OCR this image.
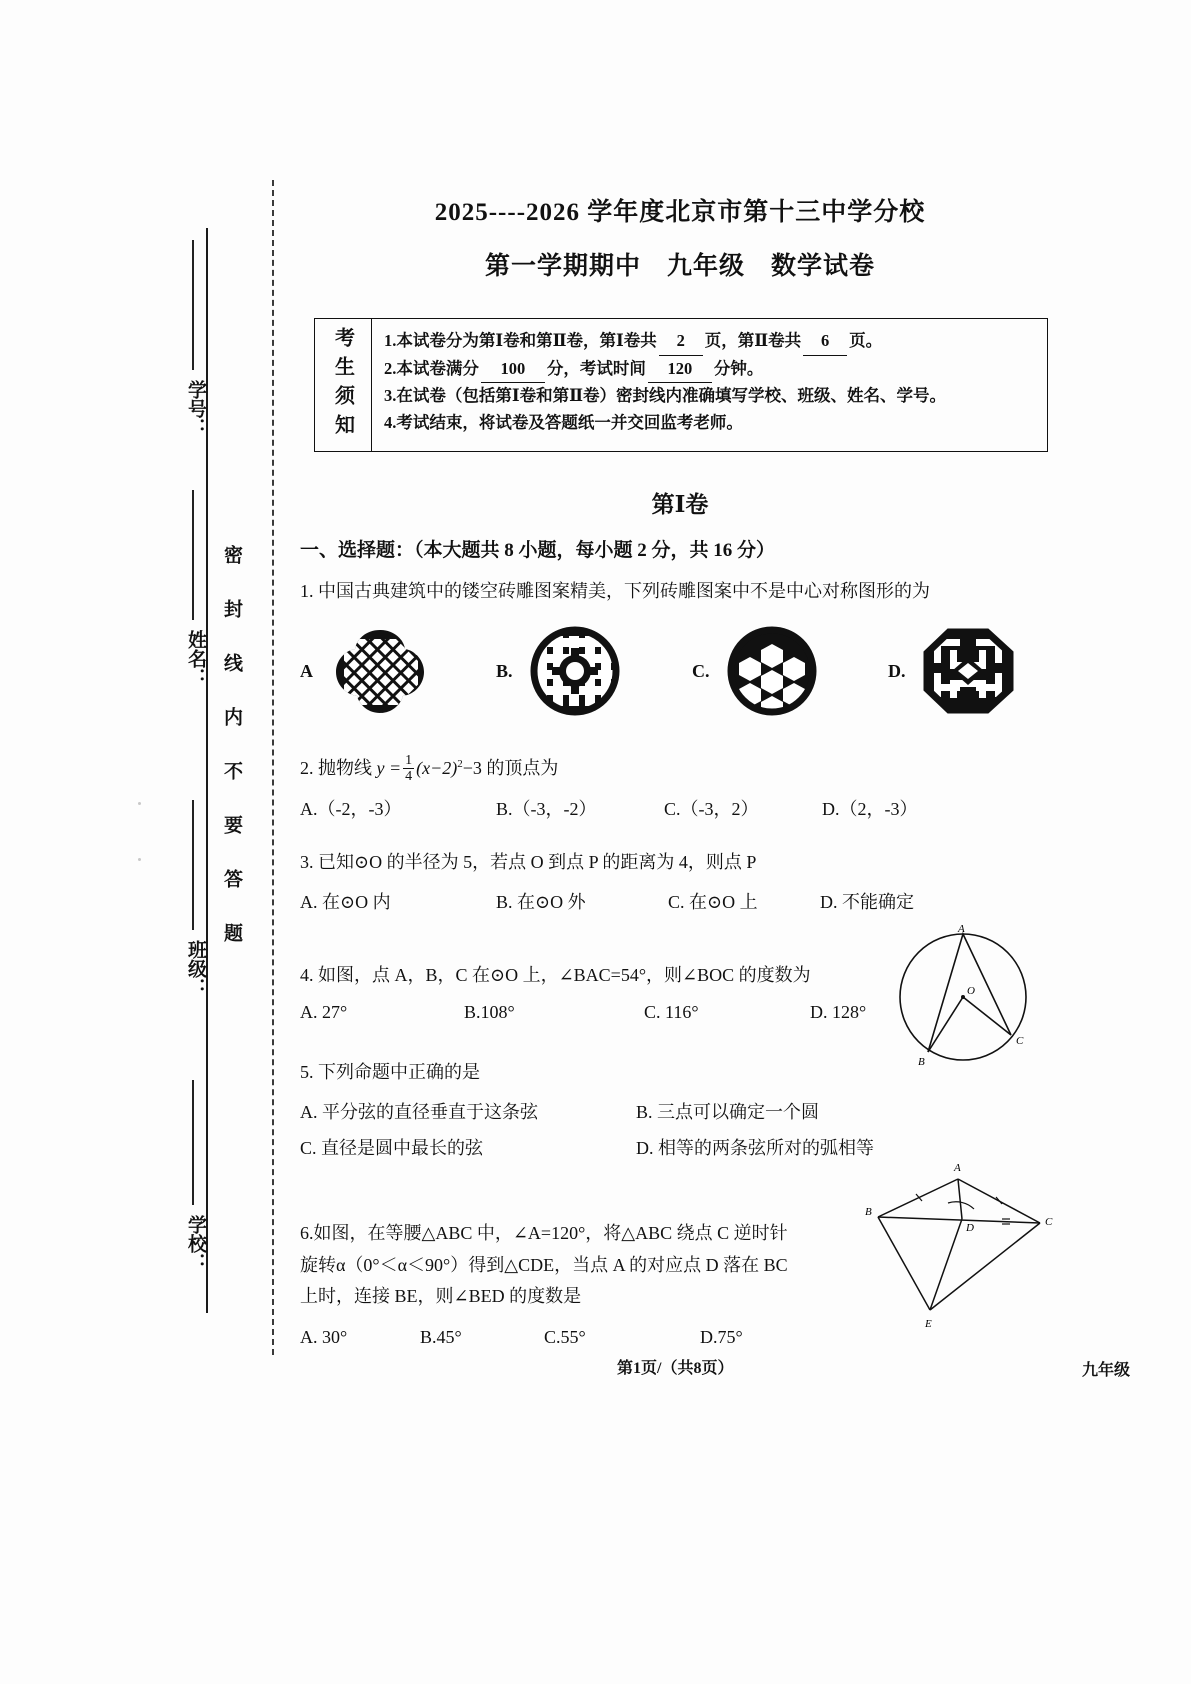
密 封 线 内 不 要 答 题
学号：
姓名：
班级：
学校：
2025----2026 学年度北京市第十三中学分校
第一学期期中 九年级 数学试卷
考生须知 1.本试卷分为第Ⅰ卷和第Ⅱ卷，第Ⅰ卷共 2 页，第Ⅱ卷共 6 页。
2.本试卷满分 100 分，考试时间 120 分钟。
3.在试卷（包括第Ⅰ卷和第Ⅱ卷）密封线内准确填写学校、班级、姓名、学号。
4.考试结束，将试卷及答题纸一并交回监考老师。
第Ⅰ卷
一、选择题：（本大题共 8 小题，每小题 2 分，共 16 分）
1. 中国古典建筑中的镂空砖雕图案精美，下列砖雕图案中不是中心对称图形的为
A	B.	C.	D.
2. 抛物线 $y = \frac{1}{4} (x-2)^2-3$ 的顶点为
A.（-2，-3）	B.（-3，-2）	C.（-3，2）	D.（2，-3）
3. 已知⊙O 的半径为 5，若点 O 到点 P 的距离为 4，则点 P
A. 在⊙O 内	B. 在⊙O 外	C. 在⊙O 上	D. 不能确定
4. 如图，点 A，B，C 在⊙O 上，∠BAC=54°，则∠BOC 的度数为
A. 27°	B.108°	C. 116°	D. 128°
5. 下列命题中正确的是
A. 平分弦的直径垂直于这条弦	B. 三点可以确定一个圆
C. 直径是圆中最长的弦	D. 相等的两条弦所对的弧相等
6.如图，在等腰△ABC 中，∠A=120°，将△ABC 绕点 C 逆时针
旋转α（0°＜α＜90°）得到△CDE，当点 A 的对应点 D 落在 BC
上时，连接 BE，则∠BED 的度数是
A. 30°	B.45°	C.55°	D.75°
A
O
B
C
A
B
C
D
E
第1页/（共8页）	九年级
